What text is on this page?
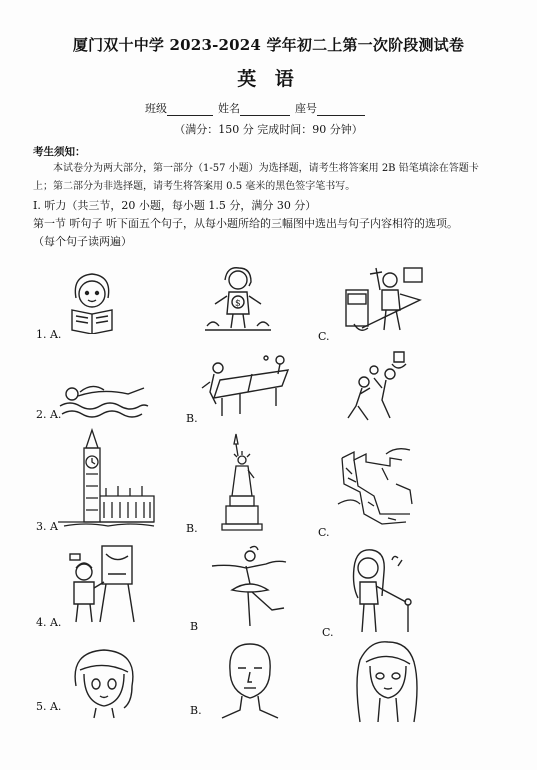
厦门双十中学 2023-2024 学年初二上第一次阶段测试卷
英 语
班级	姓名	座号
（满分：150 分 完成时间：90 分钟）
考生须知：
本试卷分为两大部分，第一部分（1-57 小题）为选择题，请考生将答案用 2B 铅笔填涂在答题卡
上；第二部分为非选择题，请考生将答案用 0.5 毫米的黑色签字笔书写。
I. 听力（共三节，20 小题，每小题 1.5 分，满分 30 分）
第一节 听句子 听下面五个句子，从每小题所给的三幅图中选出与句子内容相符的选项。
（每个句子读两遍）
1. A.	C.
$
2. A.	B.
3. A	B.	C.
4. A.	B	C.
5. A.	B.
